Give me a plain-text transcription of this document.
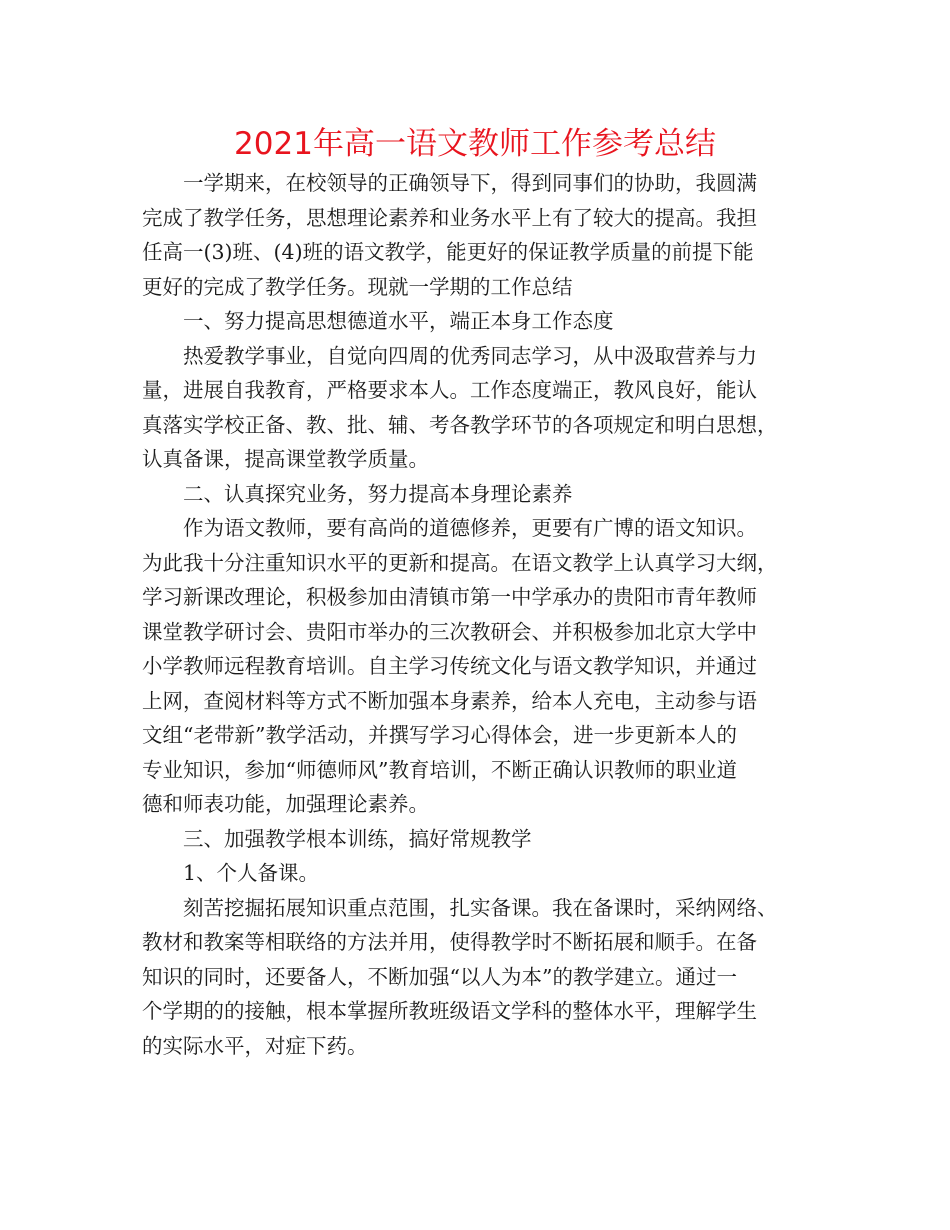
2021年高一语文教师工作参考总结
一学期来，在校领导的正确领导下，得到同事们的协助，我圆满
完成了教学任务，思想理论素养和业务水平上有了较大的提高。我担
任高一(3)班、(4)班的语文教学，能更好的保证教学质量的前提下能
更好的完成了教学任务。现就一学期的工作总结
一、努力提高思想德道水平，端正本身工作态度
热爱教学事业，自觉向四周的优秀同志学习，从中汲取营养与力
量，进展自我教育，严格要求本人。工作态度端正，教风良好，能认
真落实学校正备、教、批、辅、考各教学环节的各项规定和明白思想，
认真备课，提高课堂教学质量。
二、认真探究业务，努力提高本身理论素养
作为语文教师，要有高尚的道德修养，更要有广博的语文知识。
为此我十分注重知识水平的更新和提高。在语文教学上认真学习大纲，
学习新课改理论，积极参加由清镇市第一中学承办的贵阳市青年教师
课堂教学研讨会、贵阳市举办的三次教研会、并积极参加北京大学中
小学教师远程教育培训。自主学习传统文化与语文教学知识，并通过
上网，查阅材料等方式不断加强本身素养，给本人充电，主动参与语
文组“老带新”教学活动，并撰写学习心得体会，进一步更新本人的
专业知识，参加“师德师风”教育培训，不断正确认识教师的职业道
德和师表功能，加强理论素养。
三、加强教学根本训练，搞好常规教学
1、个人备课。
刻苦挖掘拓展知识重点范围，扎实备课。我在备课时，采纳网络、
教材和教案等相联络的方法并用，使得教学时不断拓展和顺手。在备
知识的同时，还要备人，不断加强“以人为本”的教学建立。通过一
个学期的的接触，根本掌握所教班级语文学科的整体水平，理解学生
的实际水平，对症下药。
